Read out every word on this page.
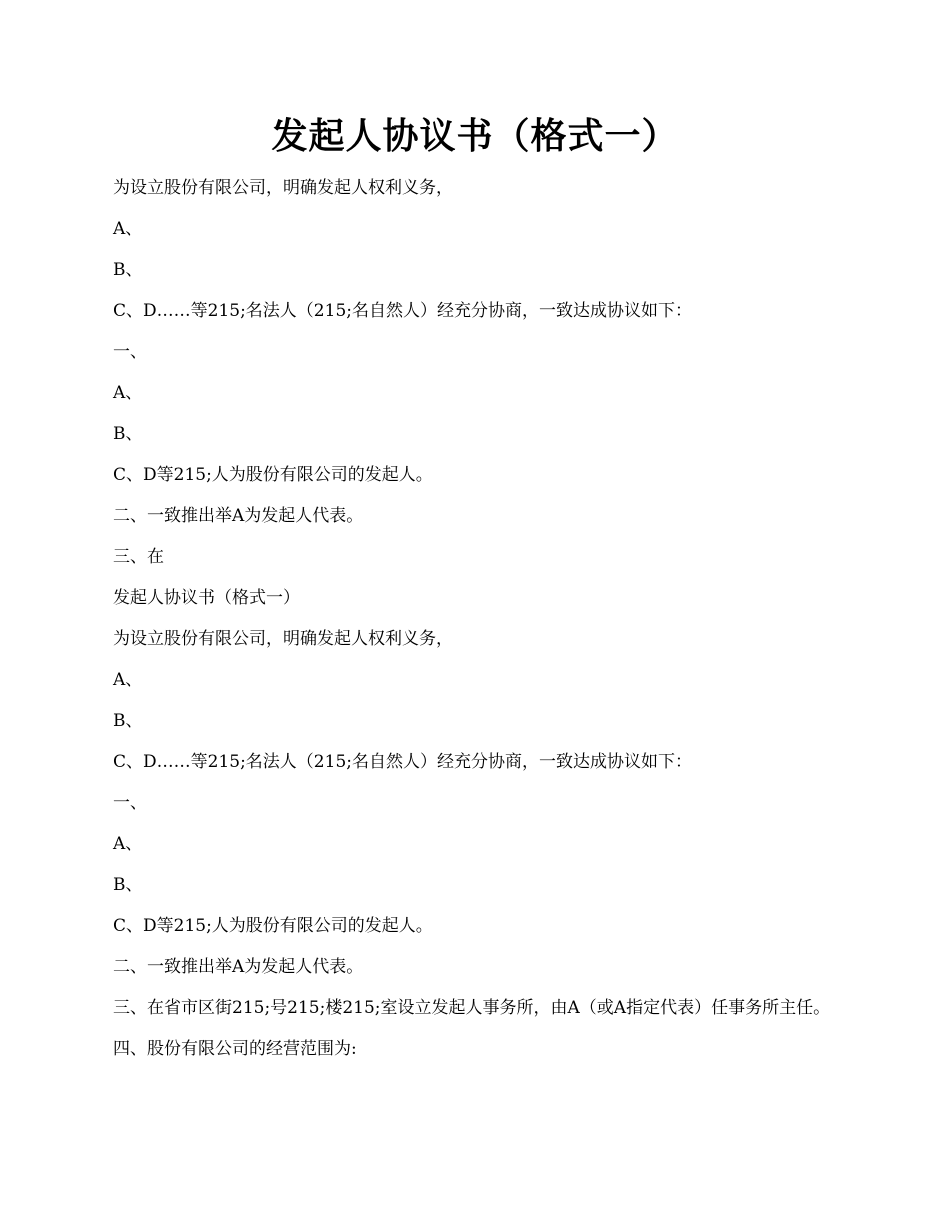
发起人协议书（格式一）

为设立股份有限公司，明确发起人权利义务，

A、

B、

C、D……等215;名法人（215;名自然人）经充分协商，一致达成协议如下：

一、

A、

B、

C、D等215;人为股份有限公司的发起人。

二、一致推出举A为发起人代表。

三、在

发起人协议书（格式一）

为设立股份有限公司，明确发起人权利义务，

A、

B、

C、D……等215;名法人（215;名自然人）经充分协商，一致达成协议如下：

一、

A、

B、

C、D等215;人为股份有限公司的发起人。

二、一致推出举A为发起人代表。

三、在省市区街215;号215;楼215;室设立发起人事务所，由A（或A指定代表）任事务所主任。

四、股份有限公司的经营范围为:
